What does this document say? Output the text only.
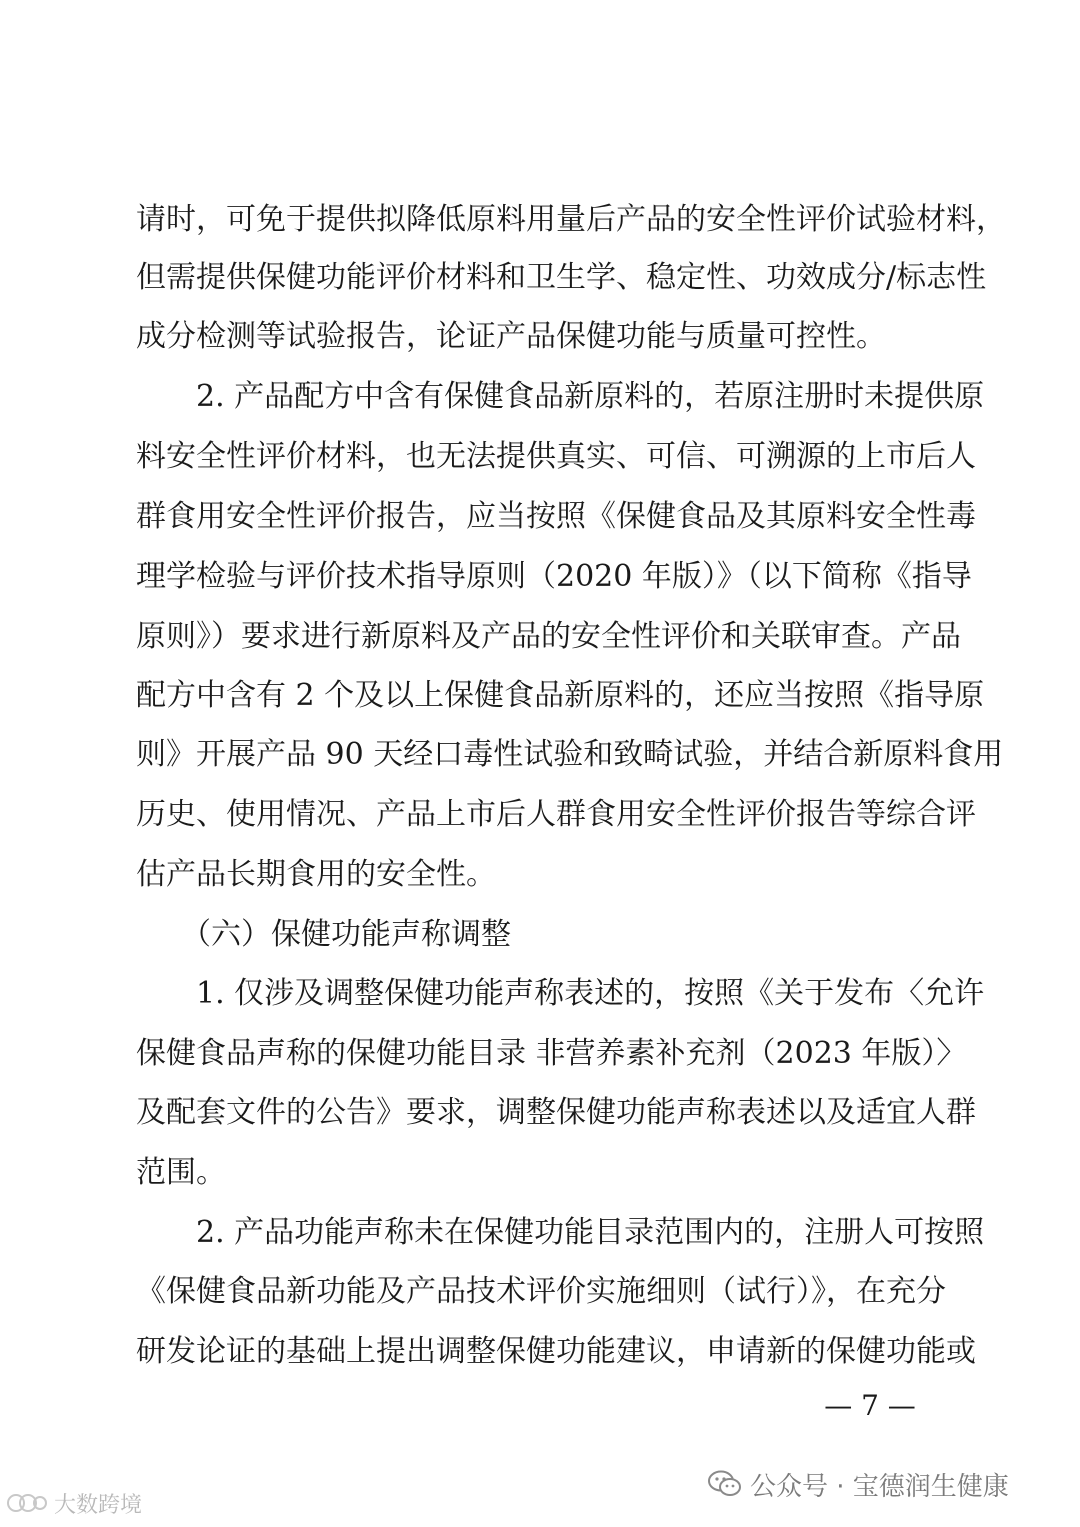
请时，可免于提供拟降低原料用量后产品的安全性评价试验材料，
但需提供保健功能评价材料和卫生学、稳定性、功效成分/标志性
成分检测等试验报告，论证产品保健功能与质量可控性。
　　2. 产品配方中含有保健食品新原料的，若原注册时未提供原
料安全性评价材料，也无法提供真实、可信、可溯源的上市后人
群食用安全性评价报告，应当按照《保健食品及其原料安全性毒
理学检验与评价技术指导原则（2020 年版）》（以下简称《指导
原则》）要求进行新原料及产品的安全性评价和关联审查。产品
配方中含有 2 个及以上保健食品新原料的，还应当按照《指导原
则》开展产品 90 天经口毒性试验和致畸试验，并结合新原料食用
历史、使用情况、产品上市后人群食用安全性评价报告等综合评
估产品长期食用的安全性。
　　（六）保健功能声称调整
　　1. 仅涉及调整保健功能声称表述的，按照《关于发布〈允许
保健食品声称的保健功能目录 非营养素补充剂（2023 年版）〉
及配套文件的公告》要求，调整保健功能声称表述以及适宜人群
范围。
　　2. 产品功能声称未在保健功能目录范围内的，注册人可按照
《保健食品新功能及产品技术评价实施细则（试行）》，在充分
研发论证的基础上提出调整保健功能建议，申请新的保健功能或
— 7 —
公众号 · 宝德润生健康
大数跨境
